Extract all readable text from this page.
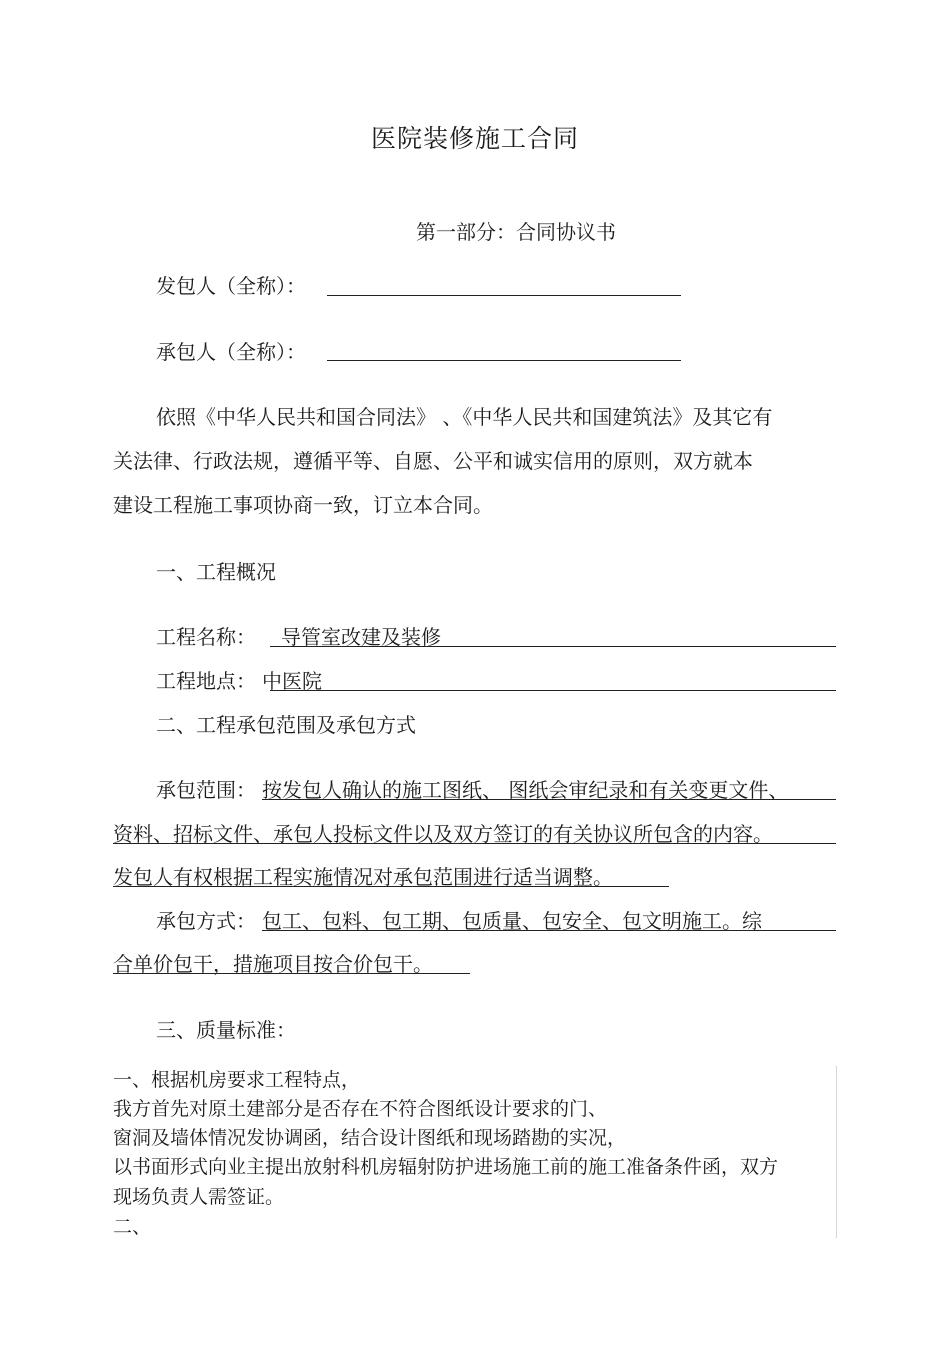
医院装修施工合同
第一部分：合同协议书
发包人（全称）：
承包人（全称）：
依照《中华人民共和国合同法》 、《中华人民共和国建筑法》及其它有
关法律、行政法规，遵循平等、自愿、公平和诚实信用的原则，双方就本
建设工程施工事项协商一致，订立本合同。
一、工程概况
工程名称： 导管室改建及装修
工程地点： 中医院
二、工程承包范围及承包方式
承包范围： 按发包人确认的施工图纸、 图纸会审纪录和有关变更文件、
资料、招标文件、承包人投标文件以及双方签订的有关协议所包含的内容。
发包人有权根据工程实施情况对承包范围进行适当调整。
承包方式： 包工、包料、包工期、包质量、包安全、包文明施工。综
合单价包干，措施项目按合价包干。
三、质量标准：
一、根据机房要求工程特点，
我方首先对原土建部分是否存在不符合图纸设计要求的门、
窗洞及墙体情况发协调函，结合设计图纸和现场踏勘的实况，
以书面形式向业主提出放射科机房辐射防护进场施工前的施工准备条件函，双方
现场负责人需签证。
二、
